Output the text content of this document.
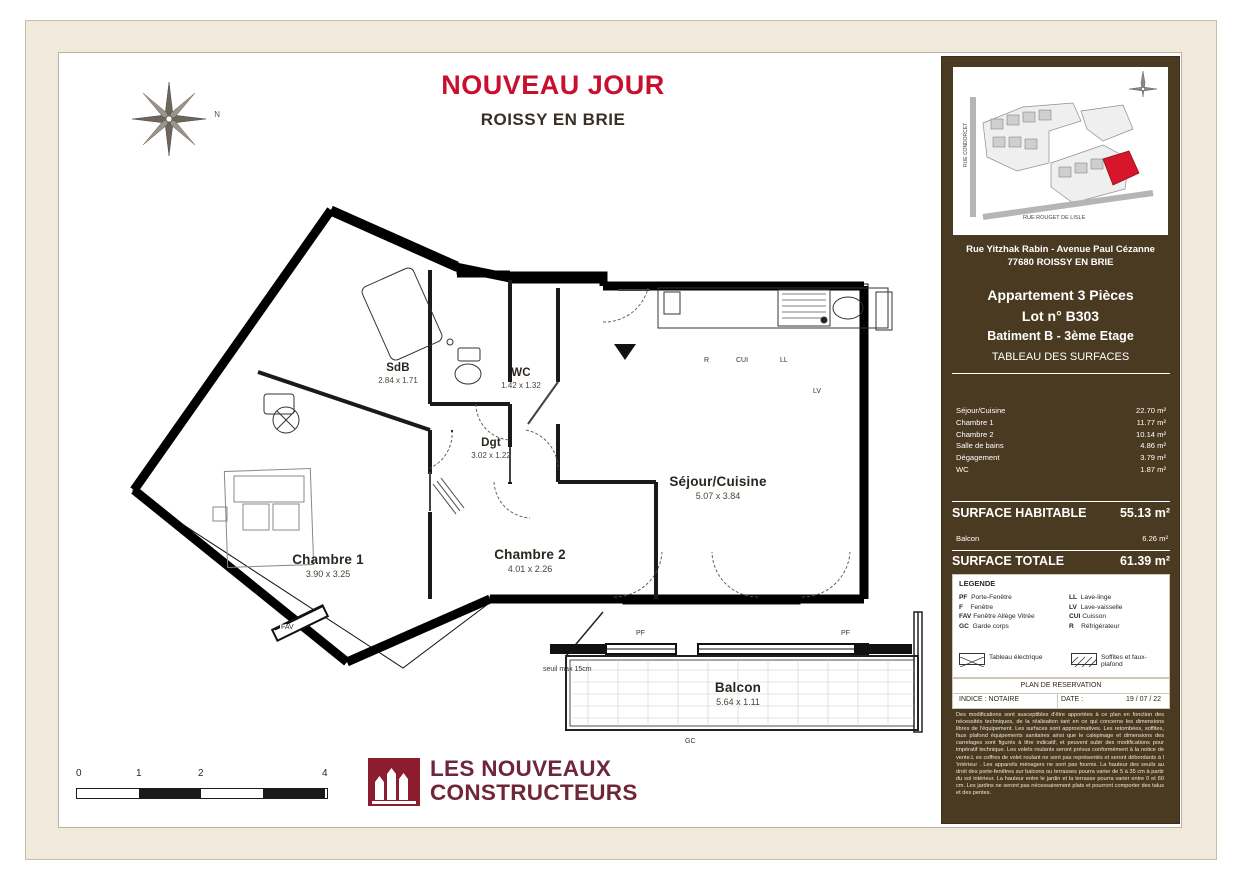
NOUVEAU JOUR
ROISSY EN BRIE
N
SdB
2.84 x 1.71
WC
1.42 x 1.32
Dgt
3.02 x 1.22
Séjour/Cuisine
5.07 x 3.84
Chambre 1
3.90 x 3.25
Chambre 2
4.01 x 2.26
Balcon
5.64 x 1.11
FAV
PF	PF
GC
seuil max 15cm
R	CUI	LL
LV
0	1	2	4	LES NOUVEAUX
CONSTRUCTEURS
RUE CONDORCET
RUE ROUGET DE LISLE
Rue Yitzhak Rabin - Avenue Paul Cézanne
77680 ROISSY EN BRIE
Appartement 3 Pièces
Lot n° B303
Batiment B - 3ème Etage
TABLEAU DES SURFACES
Séjour/Cuisine	22.70 m²
Chambre 1	11.77 m²
Chambre 2	10.14 m²
Salle de bains	4.86 m²
Dégagement	3.79 m²
WC	1.87 m²
SURFACE HABITABLE	55.13 m²
Balcon	6.26 m²
SURFACE TOTALE	61.39 m²
LEGENDE
PF Porte-Fenêtre
F Fenêtre
FAV Fenêtre Allège Vitrée
GC Garde corps
LL Lave-linge
LV Lave-vaisselle
CUI Cuisson
R Réfrigérateur
Tableau électrique	Soffites et faux-plafond
PLAN DE RESERVATION
INDICE : NOTAIRE	DATE :	19 / 07 / 22
Des modifications sont susceptibles d'être apportées à ce plan en fonction des nécessités techniques, de la réalisation tant en ce qui concerne les dimensions libres de l'équipement. Les surfaces sont approximatives. Les retombées, soffites, faux plafond équipements sanitaires ainsi que le calepinage et dimensions des carrelages sont figurés à titre indicatif, et peuvent subir des modifications pour impératif technique. Les volets roulants seront prévus conformément à la notice de vente.L es coffres de volet roulant ne sont pas représentés et seront débordants à l 'intérieur . Les appareils ménagers ne sont pas fournis. La hauteur des seuils au droit des porte-fenêtres sur balcons ou terrasses pourra varier de 5 à 35 cm à partir du sol intérieur. La hauteur entre le jardin et la terrasse pourra varier entre 0 et 60 cm. Les jardins ne seront pas nécessairement plats et pourront comporter des talus et des pentes.
